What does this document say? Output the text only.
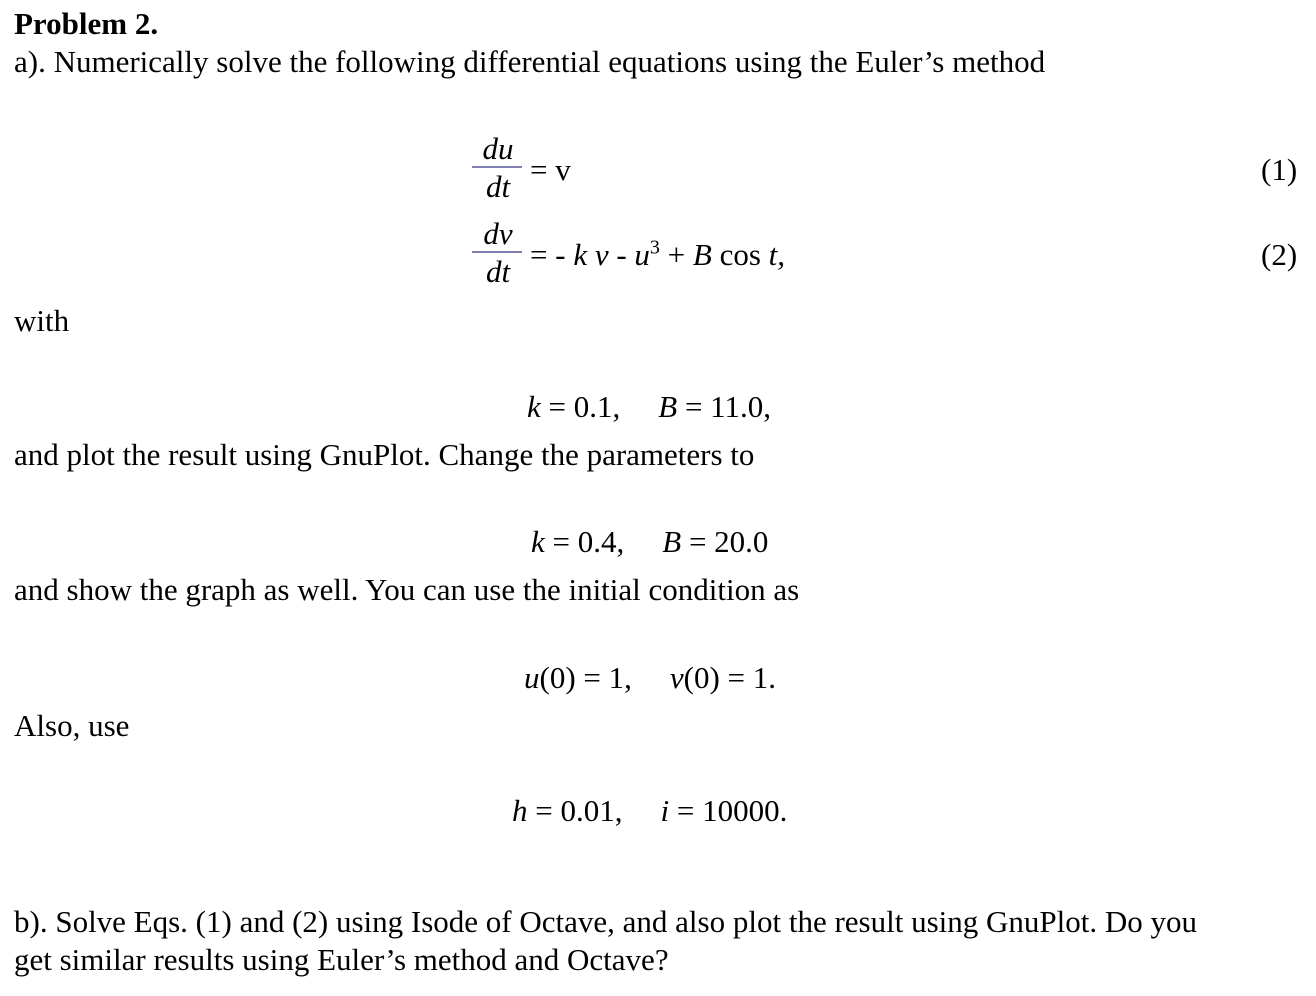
Problem 2.
a). Numerically solve the following differential equations using the Euler’s method
du
dt = v	(1)
dv
dt = - k $v - u^3 + B$ cos t,	(2)
with
k = 0.1, B = 11.0,
and plot the result using GnuPlot. Change the parameters to
k = 0.4, B = 20.0
and show the graph as well. You can use the initial condition as
u(0) = 1, v(0) = 1.
Also, use
h = 0.01, i = 10000.
b). Solve Eqs. (1) and (2) using Isode of Octave, and also plot the result using GnuPlot. Do you
get similar results using Euler’s method and Octave?
